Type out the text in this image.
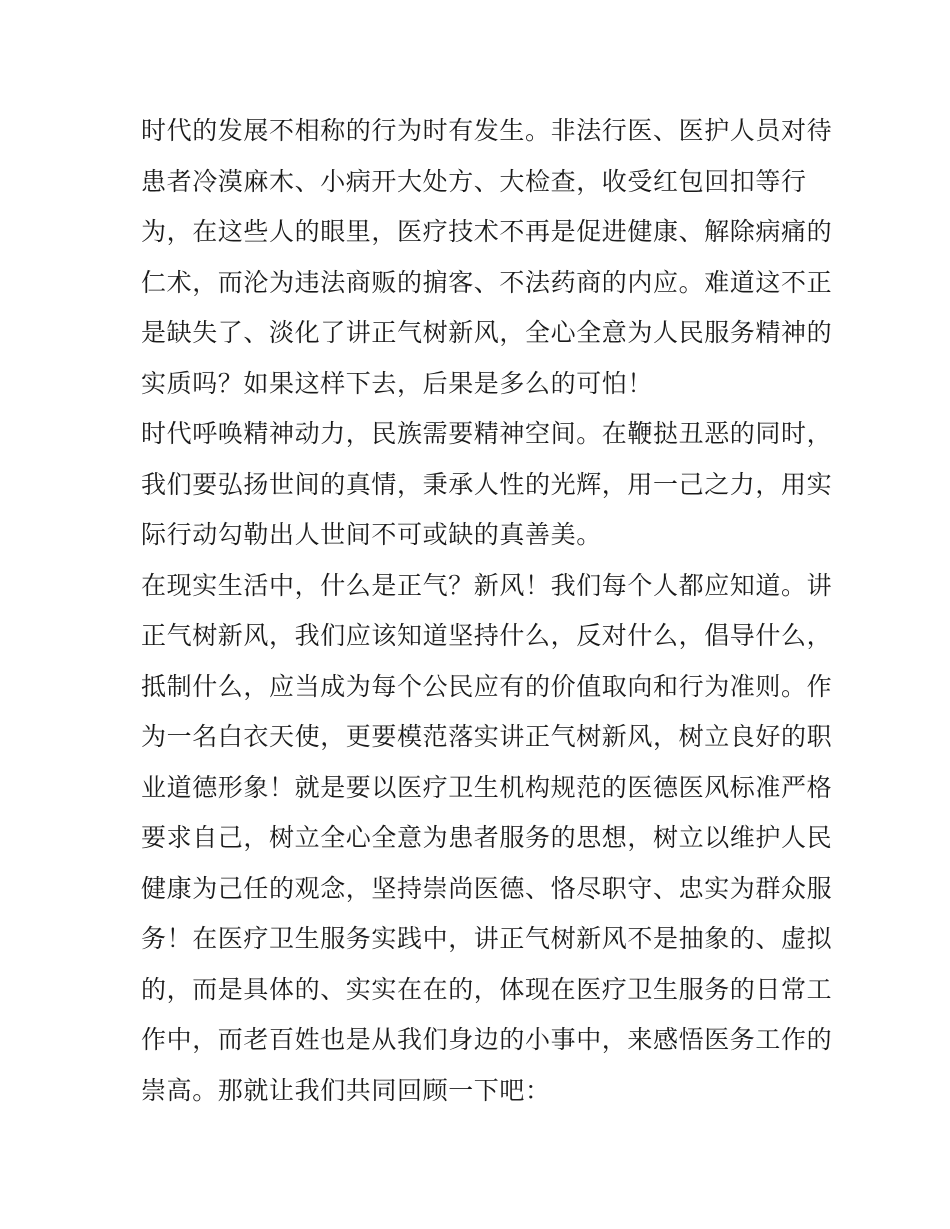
时代的发展不相称的行为时有发生。非法行医、医护人员对待
患者冷漠麻木、小病开大处方、大检查，收受红包回扣等行
为，在这些人的眼里，医疗技术不再是促进健康、解除病痛的
仁术，而沦为违法商贩的掮客、不法药商的内应。难道这不正
是缺失了、淡化了讲正气树新风，全心全意为人民服务精神的
实质吗？如果这样下去，后果是多么的可怕！
时代呼唤精神动力，民族需要精神空间。在鞭挞丑恶的同时，
我们要弘扬世间的真情，秉承人性的光辉，用一己之力，用实
际行动勾勒出人世间不可或缺的真善美。
在现实生活中，什么是正气？新风！我们每个人都应知道。讲
正气树新风，我们应该知道坚持什么，反对什么，倡导什么，
抵制什么，应当成为每个公民应有的价值取向和行为准则。作
为一名白衣天使，更要模范落实讲正气树新风，树立良好的职
业道德形象！就是要以医疗卫生机构规范的医德医风标准严格
要求自己，树立全心全意为患者服务的思想，树立以维护人民
健康为己任的观念，坚持崇尚医德、恪尽职守、忠实为群众服
务！在医疗卫生服务实践中，讲正气树新风不是抽象的、虚拟
的，而是具体的、实实在在的，体现在医疗卫生服务的日常工
作中，而老百姓也是从我们身边的小事中，来感悟医务工作的
崇高。那就让我们共同回顾一下吧：
